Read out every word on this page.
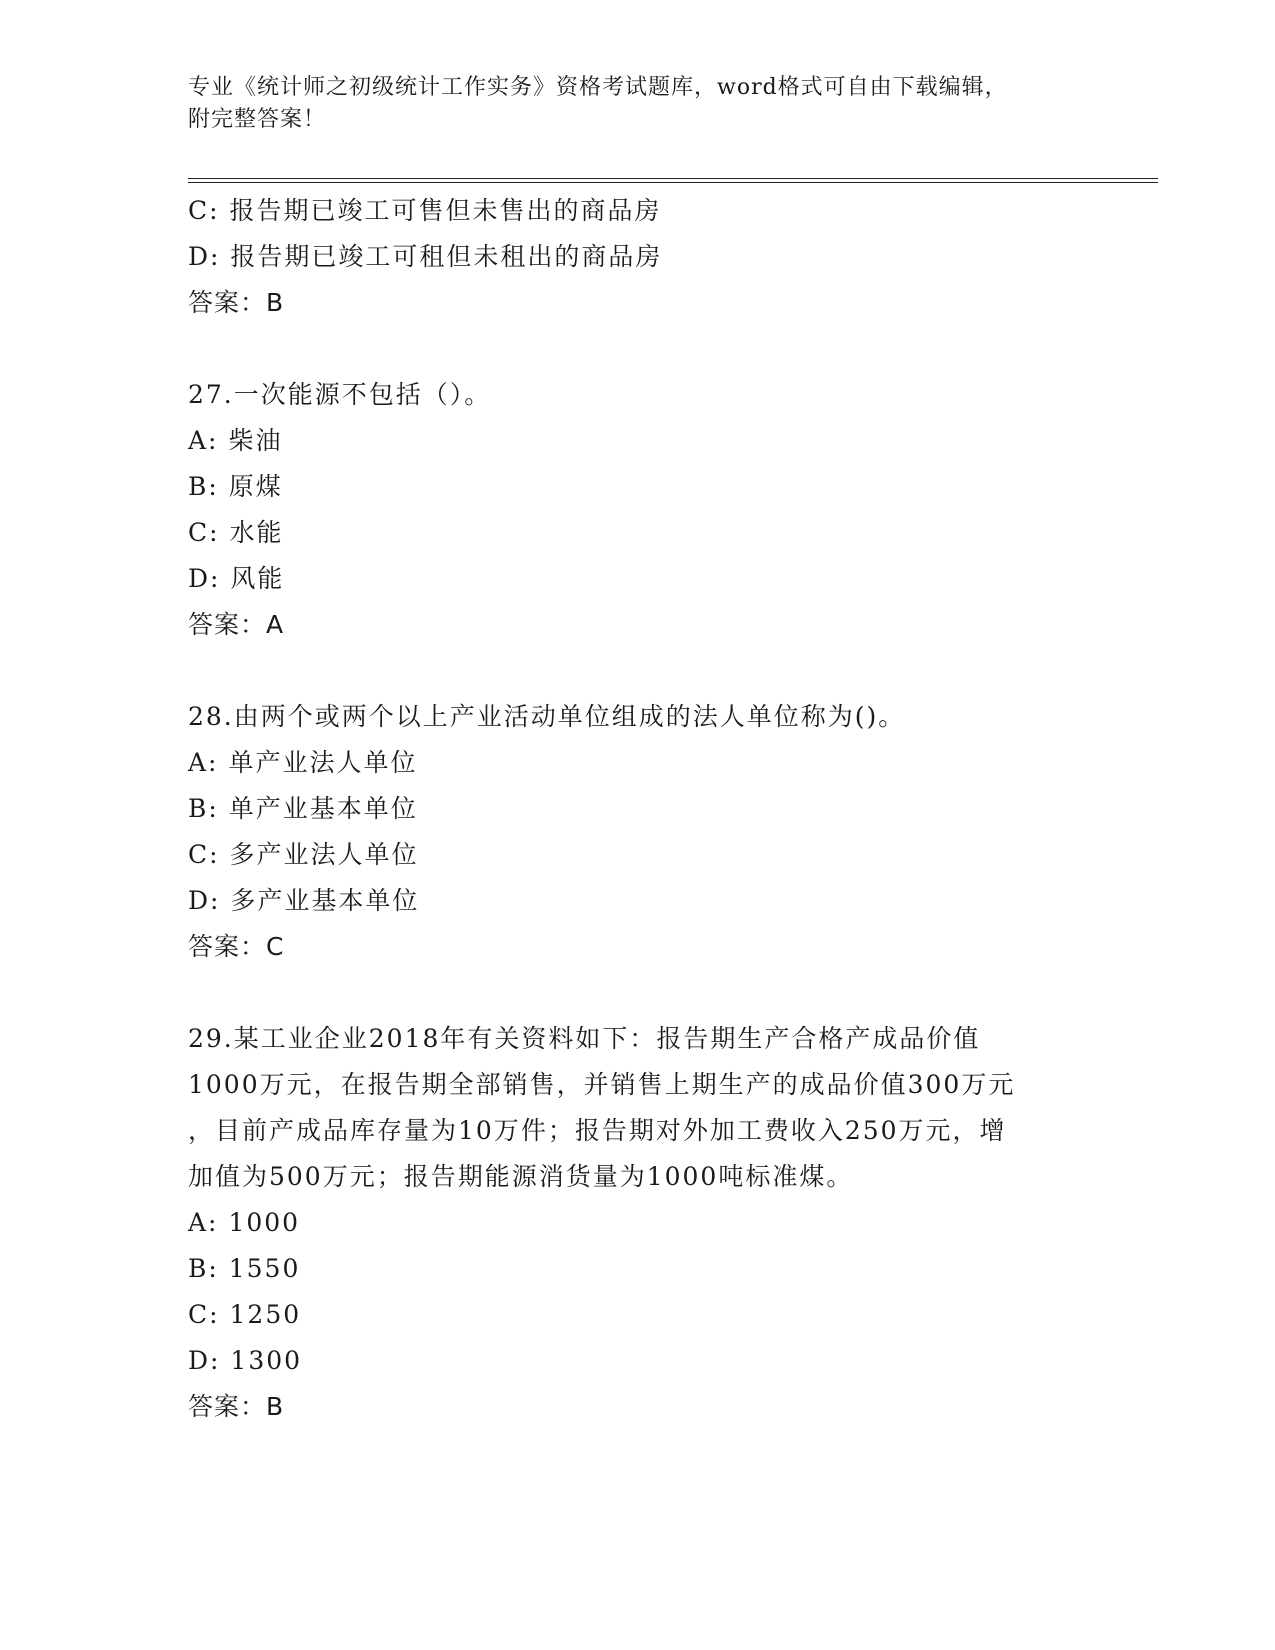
专业《统计师之初级统计工作实务》资格考试题库，word格式可自由下载编辑，
附完整答案！
C: 报告期已竣工可售但未售出的商品房
D: 报告期已竣工可租但未租出的商品房
答案：B
27.一次能源不包括（）。
A: 柴油
B: 原煤
C: 水能
D: 风能
答案：A
28.由两个或两个以上产业活动单位组成的法人单位称为()。
A: 单产业法人单位
B: 单产业基本单位
C: 多产业法人单位
D: 多产业基本单位
答案：C
29.某工业企业2018年有关资料如下：报告期生产合格产成品价值
1000万元，在报告期全部销售，并销售上期生产的成品价值300万元
，目前产成品库存量为10万件；报告期对外加工费收入250万元，增
加值为500万元；报告期能源消货量为1000吨标准煤。
A: 1000
B: 1550
C: 1250
D: 1300
答案：B
